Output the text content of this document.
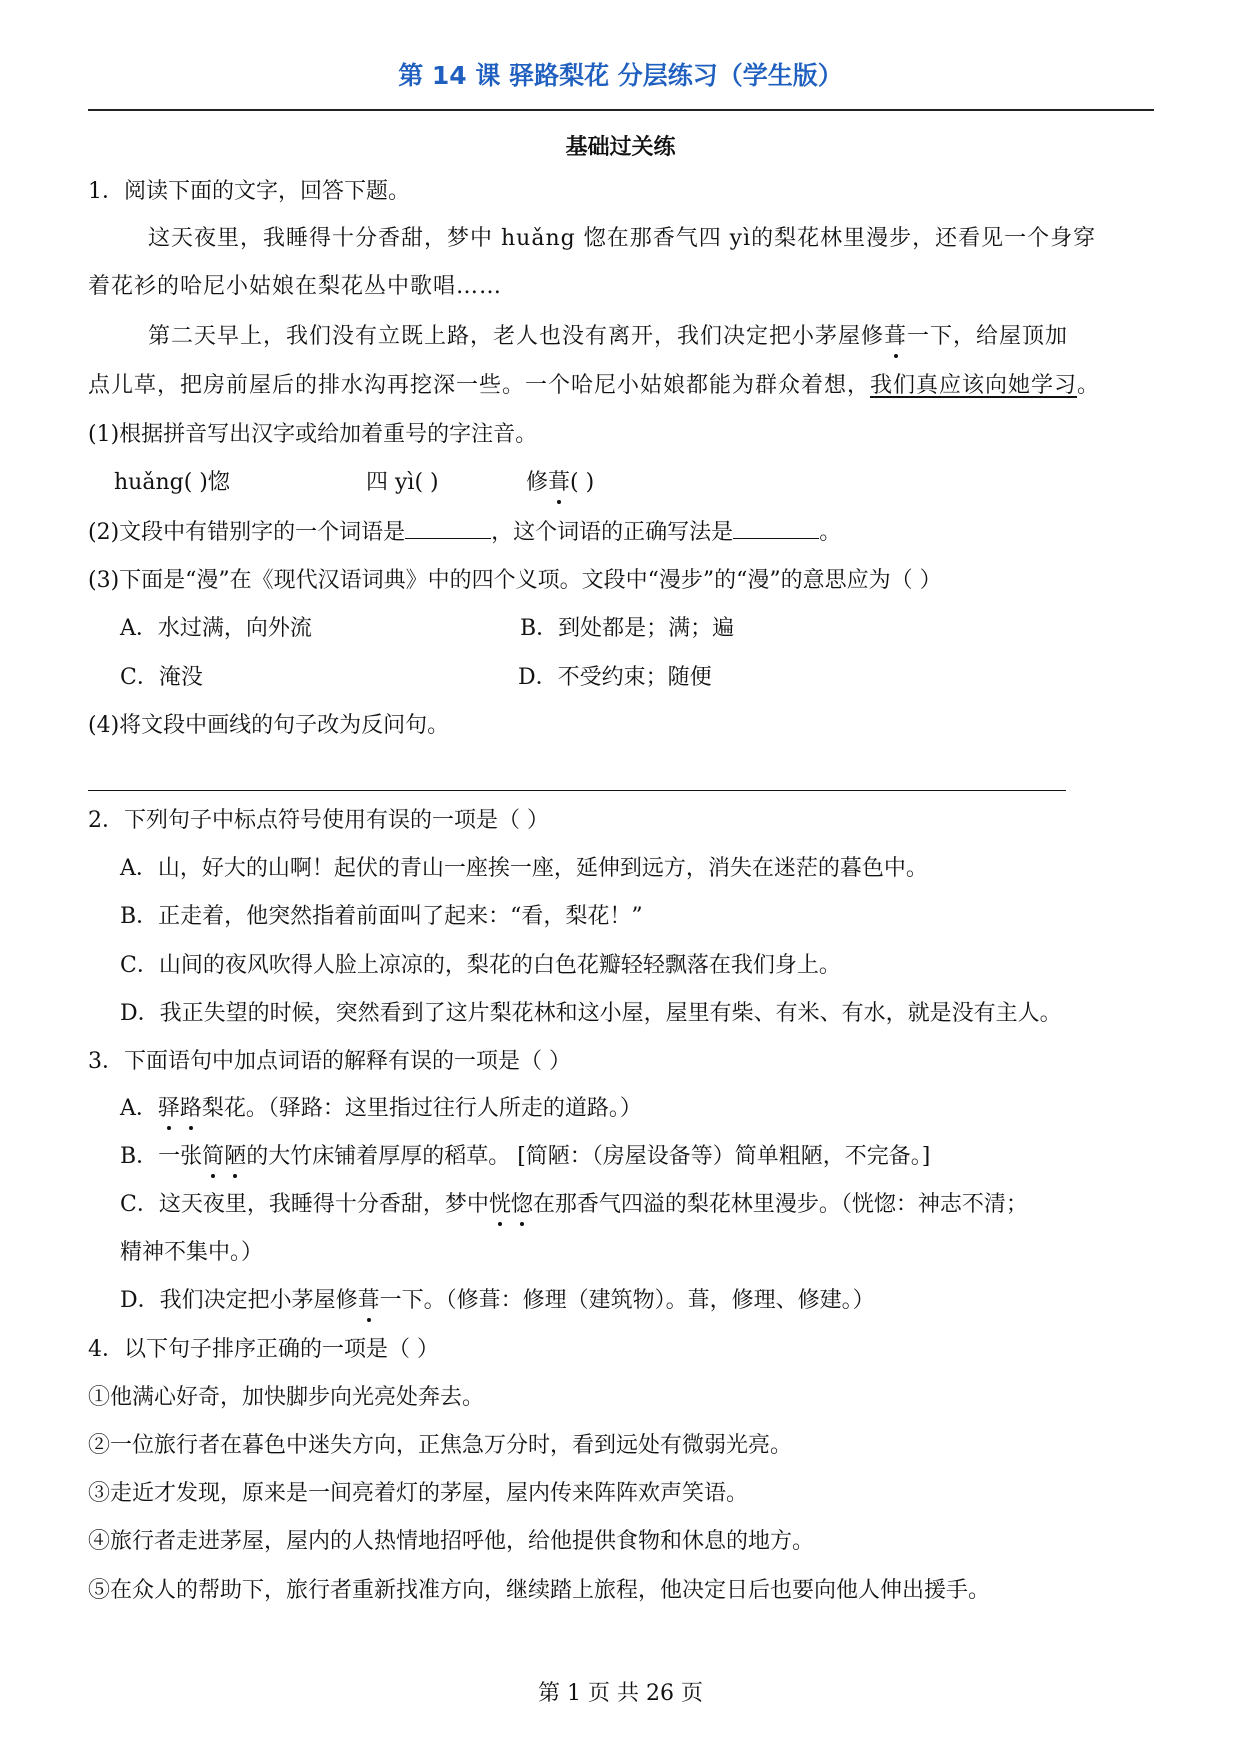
第 14 课 驿路梨花 分层练习（学生版）
基础过关练
1．阅读下面的文字，回答下题。
这天夜里，我睡得十分香甜，梦中 huǎng 惚在那香气四 yì的梨花林里漫步，还看见一个身穿
着花衫的哈尼小姑娘在梨花丛中歌唱……
第二天早上，我们没有立既上路，老人也没有离开，我们决定把小茅屋修葺一下，给屋顶加
点儿草，把房前屋后的排水沟再挖深一些。一个哈尼小姑娘都能为群众着想，我们真应该向她学习。
(1)根据拼音写出汉字或给加着重号的字注音。
huǎng( )惚	四 yì( )	修葺( )
(2)文段中有错别字的一个词语是	，这个词语的正确写法是	。
(3)下面是“漫”在《现代汉语词典》中的四个义项。文段中“漫步”的“漫”的意思应为（ ）
A．水过满，向外流	B．到处都是；满；遍
C．淹没	D．不受约束；随便
(4)将文段中画线的句子改为反问句。
2．下列句子中标点符号使用有误的一项是（ ）
A．山，好大的山啊！起伏的青山一座挨一座，延伸到远方，消失在迷茫的暮色中。
B．正走着，他突然指着前面叫了起来：“看，梨花！”
C．山间的夜风吹得人脸上凉凉的，梨花的白色花瓣轻轻飘落在我们身上。
D．我正失望的时候，突然看到了这片梨花林和这小屋，屋里有柴、有米、有水，就是没有主人。
3．下面语句中加点词语的解释有误的一项是（ ）
A．驿路梨花。（驿路：这里指过往行人所走的道路。）
B．一张简陋的大竹床铺着厚厚的稻草。 [简陋：（房屋设备等）简单粗陋，不完备。]
C．这天夜里，我睡得十分香甜，梦中恍惚在那香气四溢的梨花林里漫步。（恍惚：神志不清；
精神不集中。）
D．我们决定把小茅屋修葺一下。（修葺：修理（建筑物）。葺，修理、修建。）
4．以下句子排序正确的一项是（ ）
①他满心好奇，加快脚步向光亮处奔去。
②一位旅行者在暮色中迷失方向，正焦急万分时，看到远处有微弱光亮。
③走近才发现，原来是一间亮着灯的茅屋，屋内传来阵阵欢声笑语。
④旅行者走进茅屋，屋内的人热情地招呼他，给他提供食物和休息的地方。
⑤在众人的帮助下，旅行者重新找准方向，继续踏上旅程，他决定日后也要向他人伸出援手。
第 1 页 共 26 页
